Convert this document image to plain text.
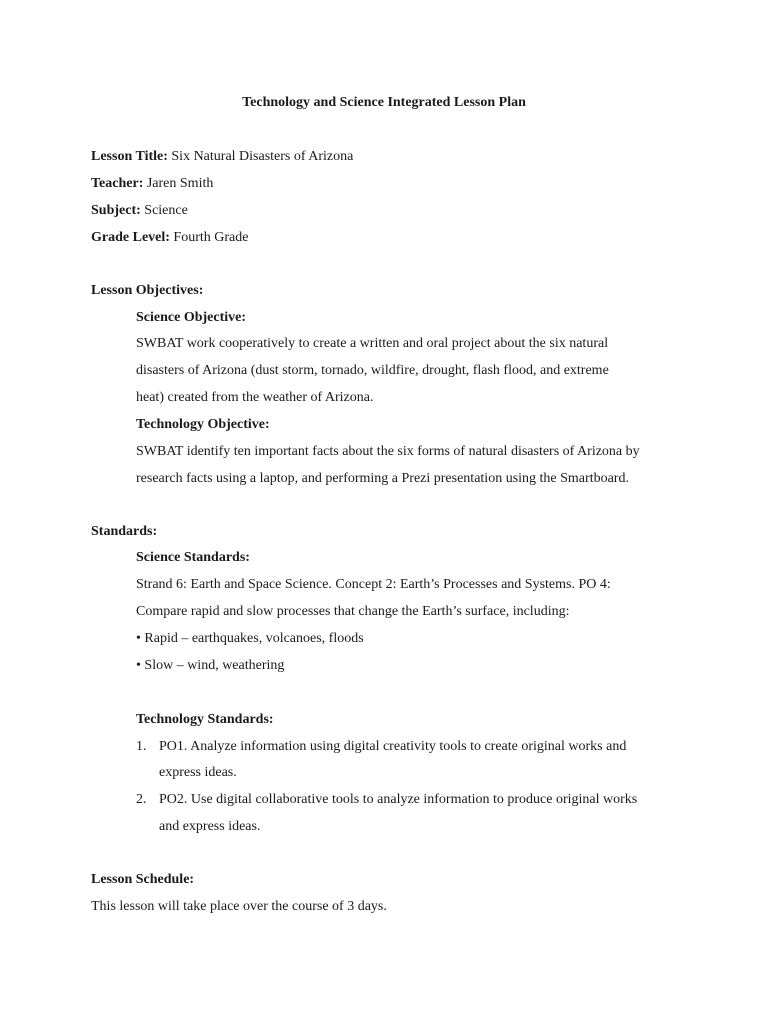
Technology and Science Integrated Lesson Plan
Lesson Title: Six Natural Disasters of Arizona
Teacher: Jaren Smith
Subject: Science
Grade Level: Fourth Grade
Lesson Objectives:
Science Objective:
SWBAT work cooperatively to create a written and oral project about the six natural
disasters of Arizona (dust storm, tornado, wildfire, drought, flash flood, and extreme
heat) created from the weather of Arizona.
Technology Objective:
SWBAT identify ten important facts about the six forms of natural disasters of Arizona by
research facts using a laptop, and performing a Prezi presentation using the Smartboard.
Standards:
Science Standards:
Strand 6: Earth and Space Science. Concept 2: Earth’s Processes and Systems. PO 4:
Compare rapid and slow processes that change the Earth’s surface, including:
• Rapid – earthquakes, volcanoes, floods
• Slow – wind, weathering
Technology Standards:
1. PO1. Analyze information using digital creativity tools to create original works and
express ideas.
2. PO2. Use digital collaborative tools to analyze information to produce original works
and express ideas.
Lesson Schedule:
This lesson will take place over the course of 3 days.
